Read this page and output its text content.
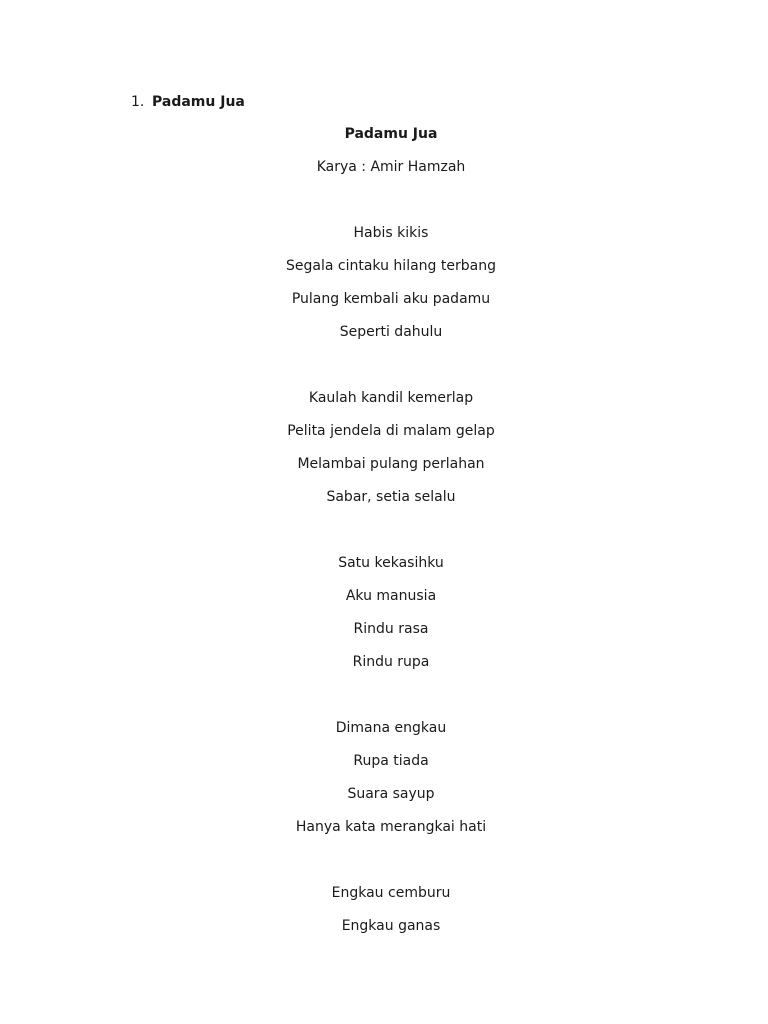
1. Padamu Jua
Padamu Jua
Karya : Amir Hamzah
Habis kikis
Segala cintaku hilang terbang
Pulang kembali aku padamu
Seperti dahulu
Kaulah kandil kemerlap
Pelita jendela di malam gelap
Melambai pulang perlahan
Sabar, setia selalu
Satu kekasihku
Aku manusia
Rindu rasa
Rindu rupa
Dimana engkau
Rupa tiada
Suara sayup
Hanya kata merangkai hati
Engkau cemburu
Engkau ganas
